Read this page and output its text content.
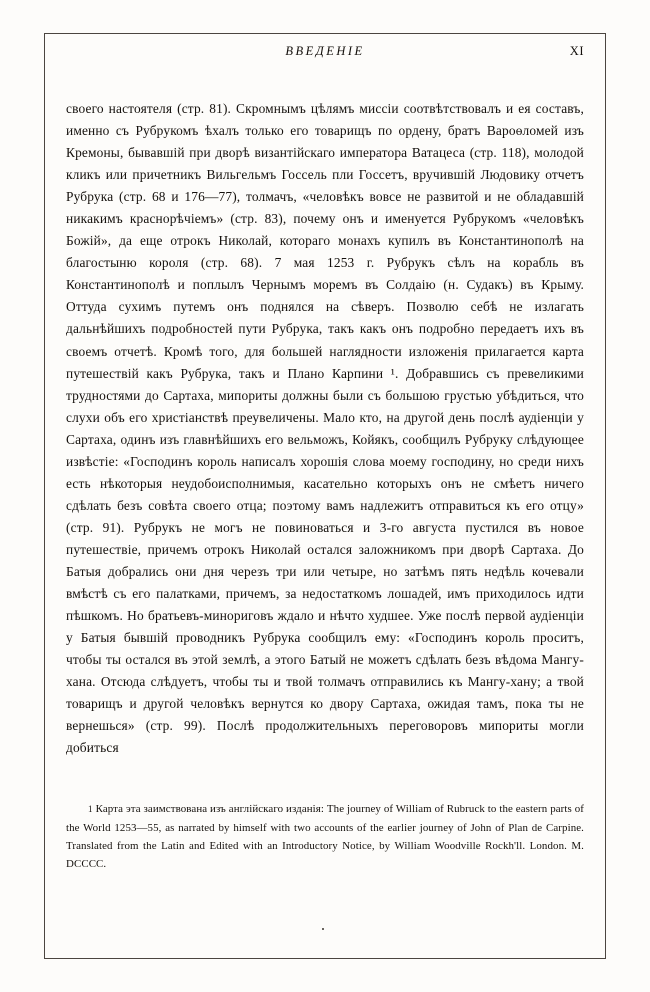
ВВЕДЕНІЕ	XI

своего настоятеля (стр. 81). Скромнымъ цѣлямъ миссіи соотвѣтствовалъ и ея составъ, именно съ Рубрукомъ ѣхалъ только его товарищъ по ордену, братъ Вароѳломей изъ Кремоны, бывавшій при дворѣ византійскаго императора Ватацеса (стр. 118), молодой кликъ или причетникъ Вильгельмъ Госсель пли Госсетъ, вручившій Людовику отчетъ Рубрука (стр. 68 и 176—77), толмачъ, «человѣкъ вовсе не развитой и не обладавшій никакимъ краснорѣчіемъ» (стр. 83), почему онъ и именуется Рубрукомъ «человѣкъ Божій», да еще отрокъ Николай, котораго монахъ купилъ въ Константинополѣ на благостыню короля (стр. 68). 7 мая 1253 г. Рубрукъ сѣлъ на корабль въ Константинополѣ и поплылъ Чернымъ моремъ въ Солдаію (н. Судакъ) въ Крыму. Оттуда сухимъ путемъ онъ поднялся на сѣверъ. Позволю себѣ не излагать дальнѣйшихъ подробностей пути Рубрука, такъ какъ онъ подробно передаетъ ихъ въ своемъ отчетѣ. Кромѣ того, для большей наглядности изложенія прилагается карта путешествій какъ Рубрука, такъ и Плано Карпини ¹. Добравшись съ превеликими трудностями до Сартаха, мипориты должны были съ большою грустью убѣдиться, что слухи объ его христіанствѣ преувеличены. Мало кто, на другой день послѣ аудіенціи у Сартаха, одинъ изъ главнѣйшихъ его вельможъ, Койякъ, сообщилъ Рубруку слѣдующее извѣстіе: «Господинъ король написалъ хорошія слова моему господину, но среди нихъ есть нѣкоторыя неудобоисполнимыя, касательно которыхъ онъ не смѣетъ ничего сдѣлать безъ совѣта своего отца; поэтому вамъ надлежитъ отправиться къ его отцу» (стр. 91). Рубрукъ не могъ не повиноваться и 3-го августа пустился въ новое путешествіе, причемъ отрокъ Николай остался заложникомъ при дворѣ Сартаха. До Батыя добрались они дня черезъ три или четыре, но затѣмъ пять недѣль кочевали вмѣстѣ съ его палатками, причемъ, за недостаткомъ лошадей, имъ приходилось идти пѣшкомъ. Но братьевъ-минориговъ ждало и нѣчто худшее. Уже послѣ первой аудіенціи у Батыя бывшій проводникъ Рубрука сообщилъ ему: «Господинъ король проситъ, чтобы ты остался въ этой землѣ, а этого Батый не можетъ сдѣлать безъ вѣдома Мангу-хана. Отсюда слѣдуетъ, чтобы ты и твой толмачъ отправились къ Мангу-хану; а твой товарищъ и другой человѣкъ вернутся ко двору Сартаха, ожидая тамъ, пока ты не вернешься» (стр. 99). Послѣ продолжительныхъ переговоровъ мипориты могли добиться

1 Карта эта заимствована изъ англійскаго изданія: The journey of William of Rubruck to the eastern parts of the World 1253—55, as narrated by himself with two accounts of the earlier journey of John of Plan de Carpine. Translated from the Latin and Edited with an Introductory Notice, by William Woodville Rockh'll. London. M. DCCCC.
